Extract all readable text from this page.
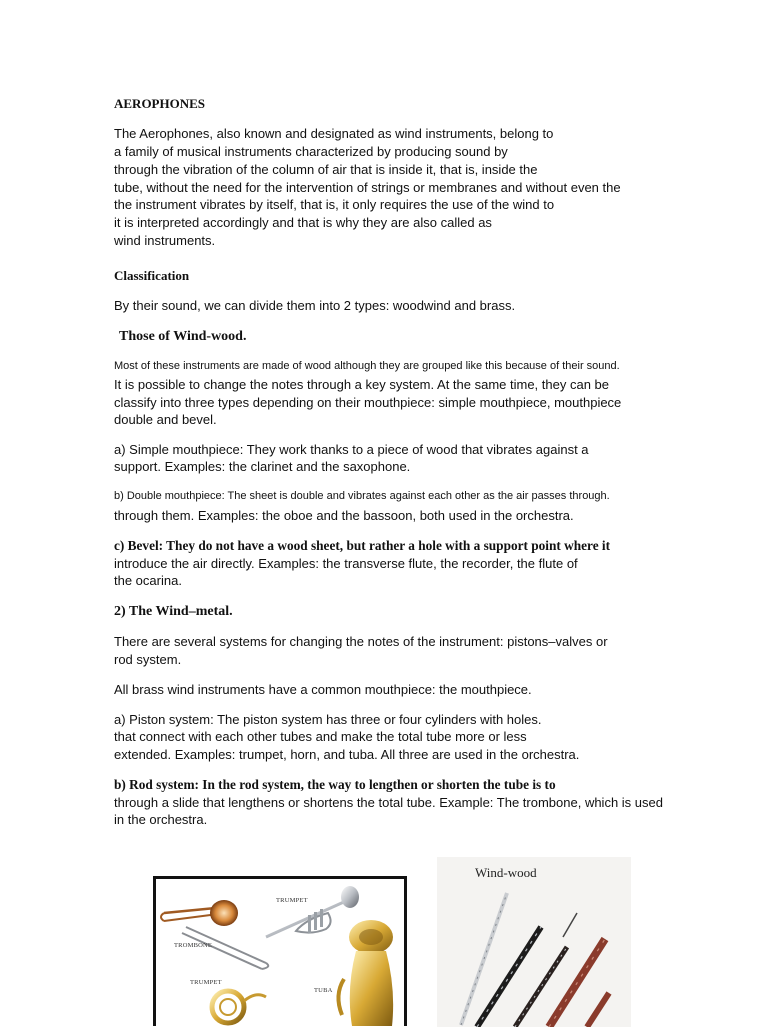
AEROPHONES
The Aerophones, also known and designated as wind instruments, belong to
a family of musical instruments characterized by producing sound by
through the vibration of the column of air that is inside it, that is, inside the
tube, without the need for the intervention of strings or membranes and without even the
the instrument vibrates by itself, that is, it only requires the use of the wind to
it is interpreted accordingly and that is why they are also called as
wind instruments.
Classification
By their sound, we can divide them into 2 types: woodwind and brass.
Those of Wind-wood.
Most of these instruments are made of wood although they are grouped like this because of their sound.
It is possible to change the notes through a key system. At the same time, they can be
classify into three types depending on their mouthpiece: simple mouthpiece, mouthpiece
double and bevel.
a) Simple mouthpiece: They work thanks to a piece of wood that vibrates against a
support. Examples: the clarinet and the saxophone.
b) Double mouthpiece: The sheet is double and vibrates against each other as the air passes through.
through them. Examples: the oboe and the bassoon, both used in the orchestra.
c) Bevel: They do not have a wood sheet, but rather a hole with a support point where it
introduce the air directly. Examples: the transverse flute, the recorder, the flute of
the ocarina.
2) The Wind–metal.
There are several systems for changing the notes of the instrument: pistons–valves or
rod system.
All brass wind instruments have a common mouthpiece: the mouthpiece.
a) Piston system: The piston system has three or four cylinders with holes.
that connect with each other tubes and make the total tube more or less
extended. Examples: trumpet, horn, and tuba. All three are used in the orchestra.
b) Rod system: In the rod system, the way to lengthen or shorten the tube is to
through a slide that lengthens or shortens the total tube. Example: The trombone, which is used
in the orchestra.
TRUMPET
TROMBONE
TRUMPET
TUBA
Wind-wood
